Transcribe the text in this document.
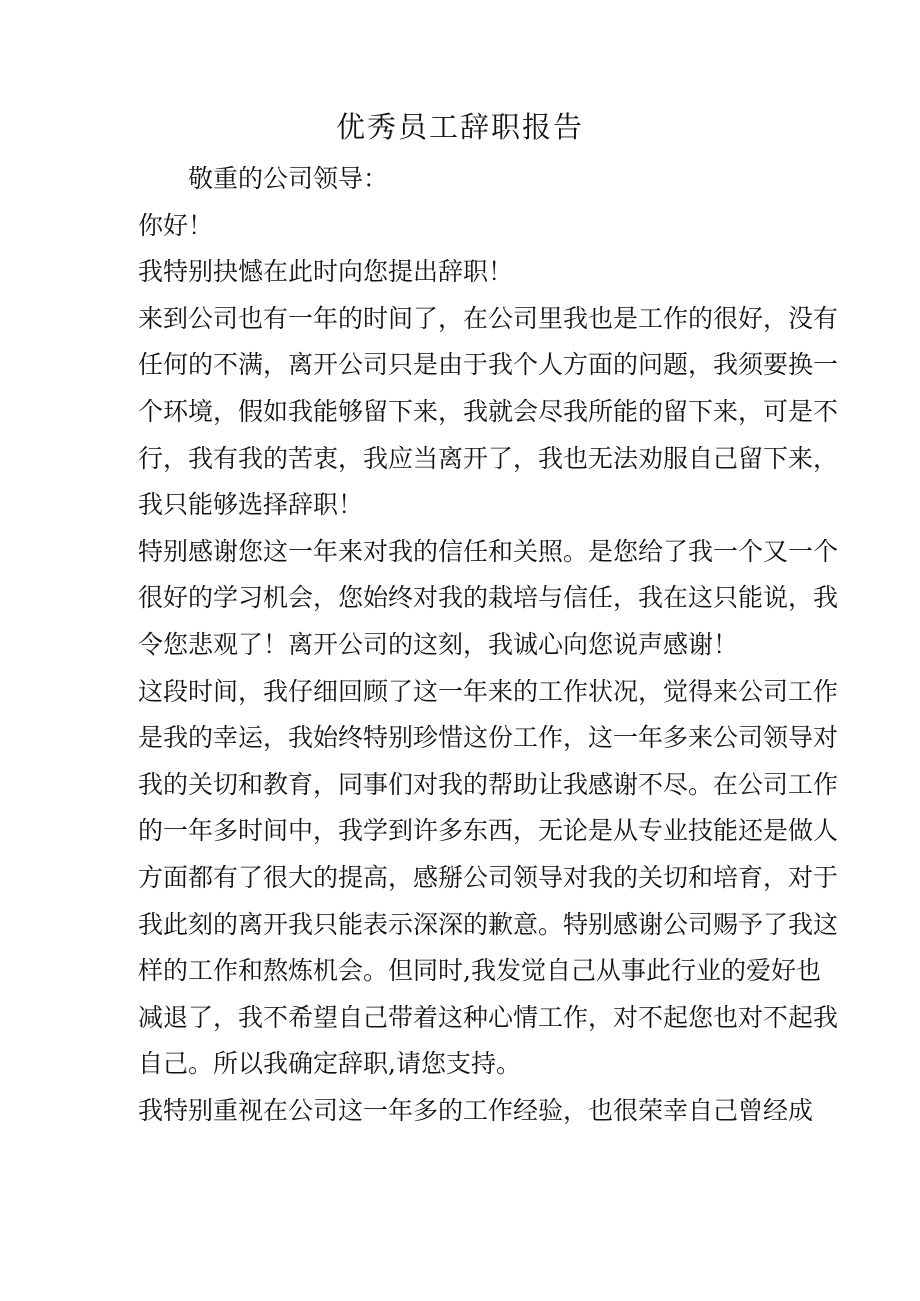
优秀员工辞职报告
敬重的公司领导：
你好！
我特别抉憾在此时向您提出辞职！
来到公司也有一年的时间了，在公司里我也是工作的很好，没有
任何的不满，离开公司只是由于我个人方面的问题，我须要换一
个环境，假如我能够留下来，我就会尽我所能的留下来，可是不
行，我有我的苦衷，我应当离开了，我也无法劝服自己留下来，
我只能够选择辞职！
特别感谢您这一年来对我的信任和关照。是您给了我一个又一个
很好的学习机会，您始终对我的栽培与信任，我在这只能说，我
令您悲观了！离开公司的这刻，我诚心向您说声感谢！
这段时间，我仔细回顾了这一年来的工作状况，觉得来公司工作
是我的幸运，我始终特别珍惜这份工作，这一年多来公司领导对
我的关切和教育，同事们对我的帮助让我感谢不尽。在公司工作
的一年多时间中，我学到许多东西，无论是从专业技能还是做人
方面都有了很大的提高，感掰公司领导对我的关切和培育，对于
我此刻的离开我只能表示深深的歉意。特别感谢公司赐予了我这
样的工作和熬炼机会。但同时,我发觉自己从事此行业的爱好也
减退了，我不希望自己带着这种心情工作，对不起您也对不起我
自己。所以我确定辞职,请您支持。
我特别重视在公司这一年多的工作经验，也很荣幸自己曾经成
